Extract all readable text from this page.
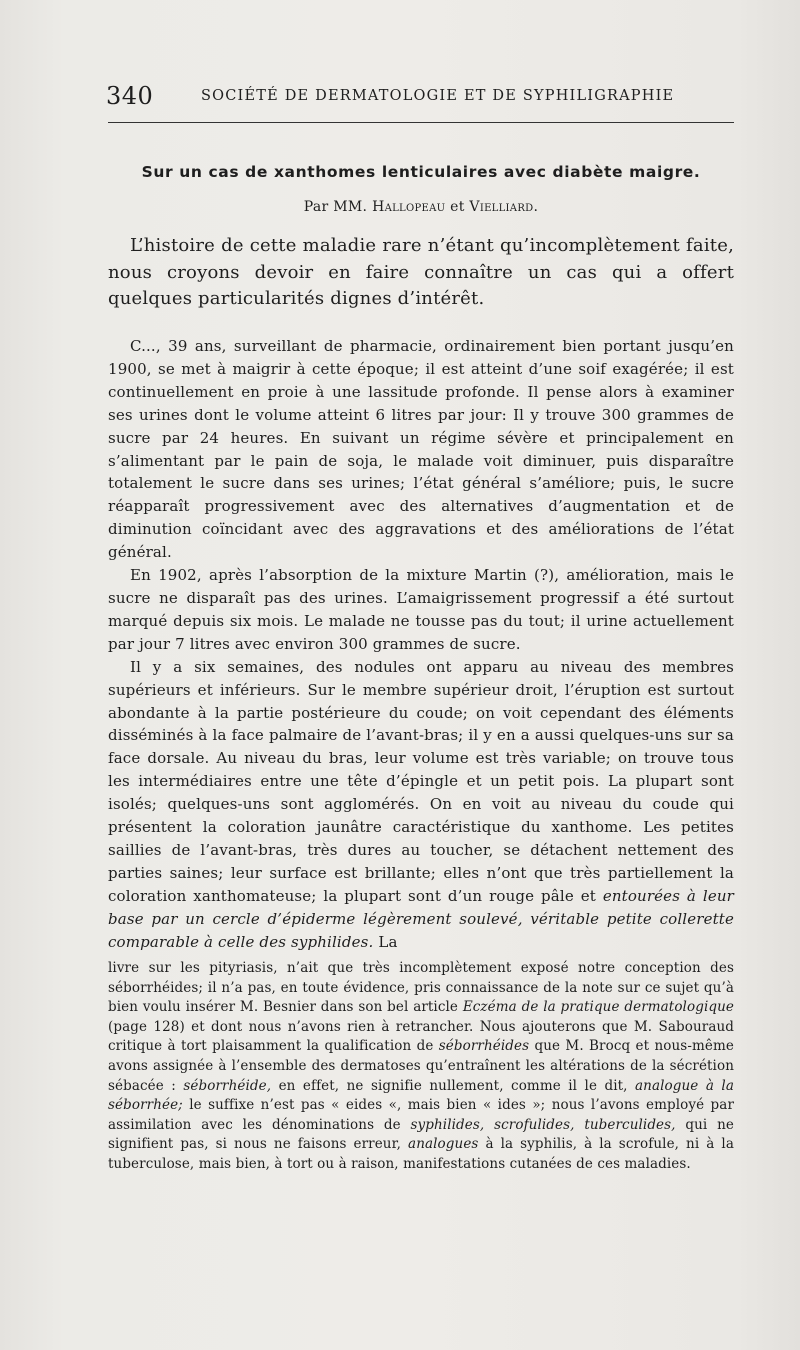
340	SOCIÉTÉ DE DERMATOLOGIE ET DE SYPHILIGRAPHIE
Sur un cas de xanthomes lenticulaires avec diabète maigre.
Par MM. Hallopeau et Vielliard.

L’histoire de cette maladie rare n’étant qu’incomplètement faite, nous croyons devoir en faire connaître un cas qui a offert quelques particularités dignes d’intérêt.

C..., 39 ans, surveillant de pharmacie, ordinairement bien portant jusqu’en 1900, se met à maigrir à cette époque; il est atteint d’une soif exagérée; il est continuellement en proie à une lassitude profonde. Il pense alors à examiner ses urines dont le volume atteint 6 litres par jour: Il y trouve 300 grammes de sucre par 24 heures. En suivant un régime sévère et principalement en s’alimentant par le pain de soja, le malade voit diminuer, puis disparaître totalement le sucre dans ses urines; l’état général s’améliore; puis, le sucre réapparaît progressivement avec des alternatives d’augmentation et de diminution coïncidant avec des aggravations et des améliorations de l’état général.

En 1902, après l’absorption de la mixture Martin (?), amélioration, mais le sucre ne disparaît pas des urines. L’amaigrissement progressif a été surtout marqué depuis six mois. Le malade ne tousse pas du tout; il urine actuellement par jour 7 litres avec environ 300 grammes de sucre.

Il y a six semaines, des nodules ont apparu au niveau des membres supérieurs et inférieurs. Sur le membre supérieur droit, l’éruption est surtout abondante à la partie postérieure du coude; on voit cependant des éléments disséminés à la face palmaire de l’avant-bras; il y en a aussi quelques-uns sur sa face dorsale. Au niveau du bras, leur volume est très variable; on trouve tous les intermédiaires entre une tête d’épingle et un petit pois. La plupart sont isolés; quelques-uns sont agglomérés. On en voit au niveau du coude qui présentent la coloration jaunâtre caractéristique du xanthome. Les petites saillies de l’avant-bras, très dures au toucher, se détachent nettement des parties saines; leur surface est brillante; elles n’ont que très partiellement la coloration xanthomateuse; la plupart sont d’un rouge pâle et entourées à leur base par un cercle d’épiderme légèrement soulevé, véritable petite collerette comparable à celle des syphilides. La

livre sur les pityriasis, n’ait que très incomplètement exposé notre conception des séborrhéides; il n’a pas, en toute évidence, pris connaissance de la note sur ce sujet qu’à bien voulu insérer M. Besnier dans son bel article Eczéma de la pratique dermatologique (page 128) et dont nous n’avons rien à retrancher. Nous ajouterons que M. Sabouraud critique à tort plaisamment la qualification de séborrhéides que M. Brocq et nous-même avons assignée à l’ensemble des dermatoses qu’entraînent les altérations de la sécrétion sébacée : séborrhéide, en effet, ne signifie nullement, comme il le dit, analogue à la séborrhée; le suffixe n’est pas « eides «, mais bien « ides »; nous l’avons employé par assimilation avec les dénominations de syphilides, scrofulides, tuberculides, qui ne signifient pas, si nous ne faisons erreur, analogues à la syphilis, à la scrofule, ni à la tuberculose, mais bien, à tort ou à raison, manifestations cutanées de ces maladies.
